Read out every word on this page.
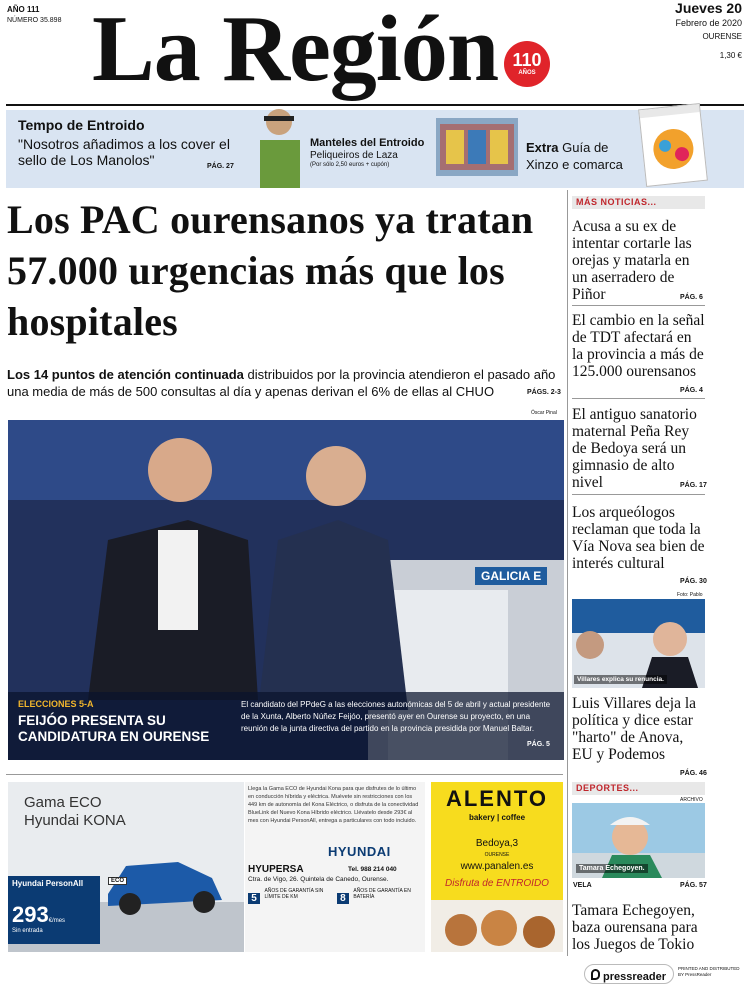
AÑO 111
NÚMERO 35.898 La Región 110
AÑOS
Jueves 20
Febrero de 2020
OURENSE
1,30 €
Tempo de Entroido
"Nosotros añadimos a los cover el sello de Los Manolos"	PÁG. 27
Manteles del Entroido
Peliqueiros de Laza
(Por sólo 2,50 euros + cupón)
Extra Guía de Xinzo e comarca
Los PAC ourensanos ya tratan 57.000 urgencias más que los hospitales
Los 14 puntos de atención continuada distribuidos por la provincia atendieron el pasado año una media de más de 500 consultas al día y apenas derivan el 6% de ellas al CHUO	PÁGS. 2-3
Óscar Pinal
GALICIA E
ELECCIONES 5-A
FEIJÓO PRESENTA SU CANDIDATURA EN OURENSE
El candidato del PPdeG a las elecciones autonómicas del 5 de abril y actual presidente de la Xunta, Alberto Núñez Feijóo, presentó ayer en Ourense su proyecto, en una reunión de la junta directiva del partido en la provincia presidida por Manuel Baltar.
PÁG. 5
MÁS NOTICIAS...
Acusa a su ex de intentar cortarle las orejas y matarla en un aserradero de Piñor	PÁG. 6
El cambio en la señal de TDT afectará en la provincia a más de 125.000 ourensanos
PÁG. 4
El antiguo sanatorio maternal Peña Rey de Bedoya será un gimnasio de alto nivel	PÁG. 17
Los arqueólogos reclaman que toda la Vía Nova sea bien de interés cultural
PÁG. 30
Foto: Pablo
Villares explica su renuncia.
Luis Villares deja la política y dice estar "harto" de Anova, EU y Podemos
PÁG. 46
DEPORTES...
ARCHIVO
Tamara Echegoyen.
VELA	PÁG. 57
Tamara Echegoyen, baza ourensana para los Juegos de Tokio
Gama ECO
Hyundai KONA
ECO
Hyundai PersonAll
293€/mes
Sin entrada
Llega la Gama ECO de Hyundai Kona para que disfrutes de lo último en conducción híbrida y eléctrica. Muévete sin restricciones con los 449 km de autonomía del Kona Eléctrico, o disfruta de la conectividad BlueLink del Nuevo Kona Híbrido eléctrico. Llévatelo desde 293€ al mes con Hyundai PersonAll, entrega a particulares con todo incluido.
HYUNDAI
HYUPERSA	Tel. 988 214 040
Ctra. de Vigo, 26. Quintela de Canedo, Ourense.
5 AÑOS DE GARANTÍA SIN LÍMITE DE KM	8 AÑOS DE GARANTÍA EN BATERÍA
ALENTO
bakery | coffee
Bedoya,3
OURENSE
www.panalen.es
Disfruta de ENTROIDO
pressreader
PRINTED AND DISTRIBUTED BY PressReader
